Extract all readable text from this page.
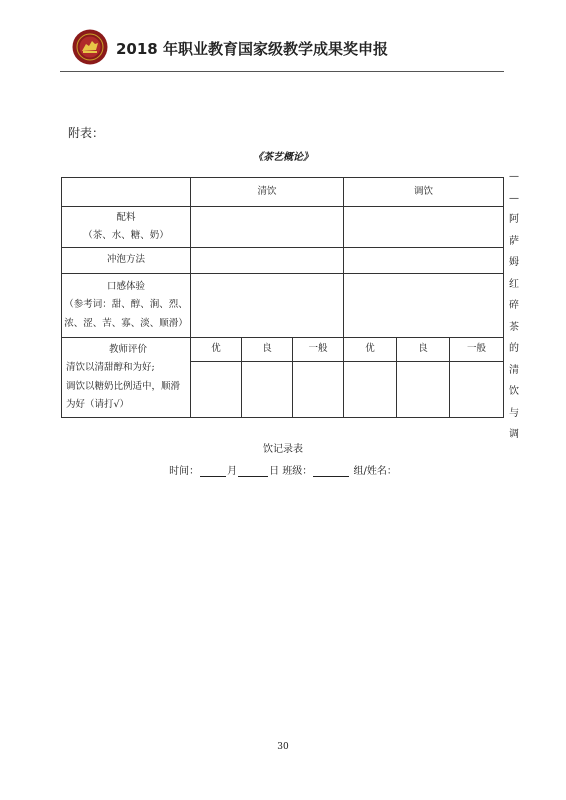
2018 年职业教育国家级教学成果奖申报
附表：
《茶艺概论》
	清饮			调饮		

配料
（茶、水、糖、奶）						

冲泡方法						

口感体验
（参考词：甜、醇、涧、烈、
浓、涩、苦、寡、淡、顺滑）						

教师评价
清饮以清甜醇和为好;
调饮以糖奶比例适中，顺滑
为好（请打√）	优	良	一般	优	良	一般

—
—
阿
萨
姆
红
碎
茶
的
清
饮
与
调
饮记录表
时间：	月	日 班级：	组/姓名：
30
